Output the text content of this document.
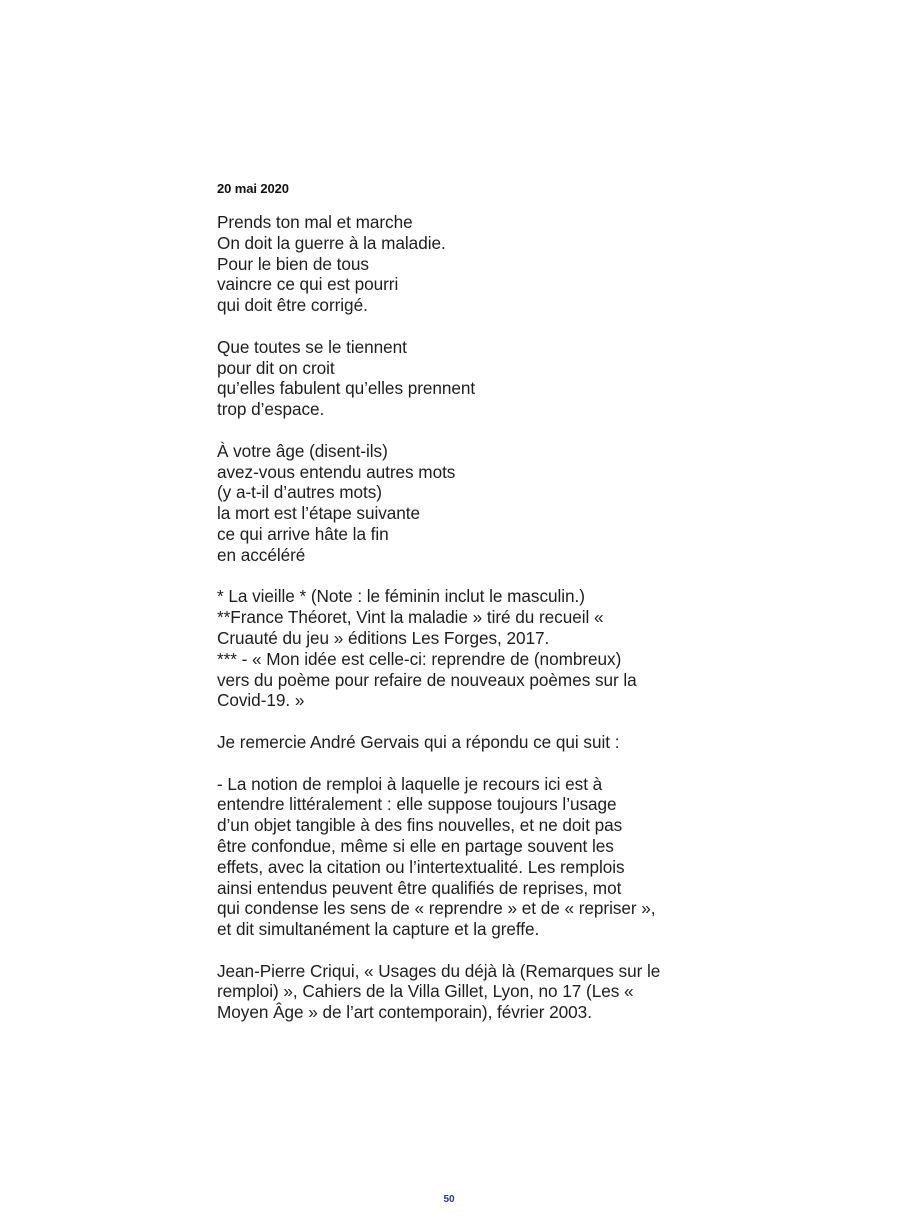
20 mai 2020
Prends ton mal et marche
On doit la guerre à la maladie.
Pour le bien de tous
vaincre ce qui est pourri
qui doit être corrigé.
Que toutes se le tiennent
pour dit on croit
qu’elles fabulent qu’elles prennent
trop d’espace.
À votre âge (disent-ils)
avez-vous entendu autres mots
(y a-t-il d’autres mots)
la mort est l’étape suivante
ce qui arrive hâte la fin
en accéléré
* La vieille * (Note : le féminin inclut le masculin.)
**France Théoret, Vint la maladie » tiré du recueil «
Cruauté du jeu » éditions Les Forges, 2017.
*** - « Mon idée est celle-ci: reprendre de (nombreux)
vers du poème pour refaire de nouveaux poèmes sur la
Covid-19. »
Je remercie André Gervais qui a répondu ce qui suit :
- La notion de remploi à laquelle je recours ici est à
entendre littéralement : elle suppose toujours l’usage
d’un objet tangible à des fins nouvelles, et ne doit pas
être confondue, même si elle en partage souvent les
effets, avec la citation ou l’intertextualité. Les remplois
ainsi entendus peuvent être qualifiés de reprises, mot
qui condense les sens de « reprendre » et de « repriser »,
et dit simultanément la capture et la greffe.
Jean-Pierre Criqui, « Usages du déjà là (Remarques sur le
remploi) », Cahiers de la Villa Gillet, Lyon, no 17 (Les «
Moyen Âge » de l’art contemporain), février 2003.
50
